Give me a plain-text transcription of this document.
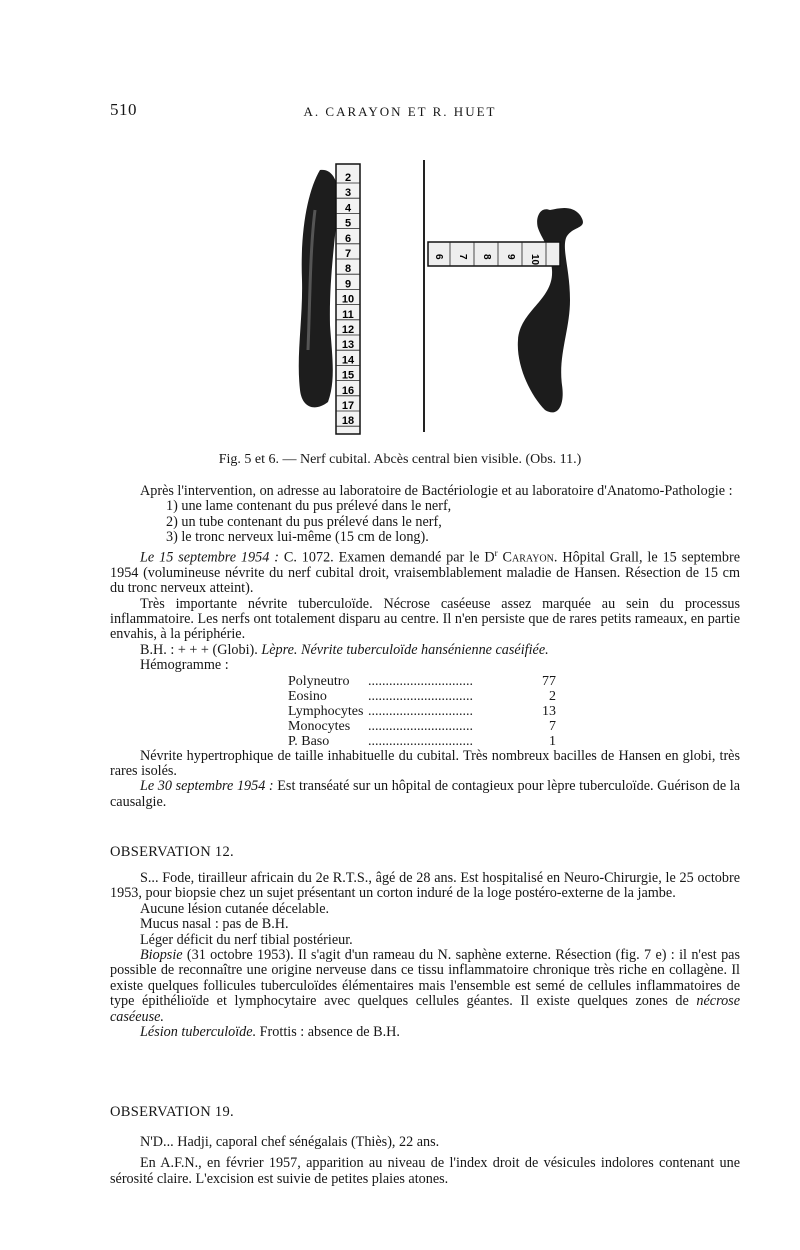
510	A. CARAYON ET R. HUET
2
3
4
5
6
7
8
9
10
11
12
13
14
15
16
17
18
6 7 8 9 10
Fig. 5 et 6. — Nerf cubital. Abcès central bien visible. (Obs. 11.)

Après l'intervention, on adresse au laboratoire de Bactériologie et au laboratoire d'Anatomo-Pathologie :

1) une lame contenant du pus prélevé dans le nerf,
2) un tube contenant du pus prélevé dans le nerf,
3) le tronc nerveux lui-même (15 cm de long).

Le 15 septembre 1954 : C. 1072. Examen demandé par le $D^r$ Carayon. Hôpital Grall, le 15 septembre 1954 (volumineuse névrite du nerf cubital droit, vraisemblablement maladie de Hansen. Résection de 15 cm du tronc nerveux atteint).

Très importante névrite tuberculoïde. Nécrose caséeuse assez marquée au sein du processus inflammatoire. Les nerfs ont totalement disparu au centre. Il n'en persiste que de rares petits rameaux, en partie envahis, à la périphérie.

B.H. : + + + (Globi). Lèpre. Névrite tuberculoïde hansénienne caséifiée.

Hémogramme :

Polyneutro	..............................	77
Eosino	..............................	2
Lymphocytes	..............................	13
Monocytes	..............................	7
P. Baso	..............................	1

Névrite hypertrophique de taille inhabituelle du cubital. Très nombreux bacilles de Hansen en globi, très rares isolés.

Le 30 septembre 1954 : Est transéaté sur un hôpital de contagieux pour lèpre tuberculoïde. Guérison de la causalgie.

OBSERVATION 12.

S... Fode, tirailleur africain du 2e R.T.S., âgé de 28 ans. Est hospitalisé en Neuro-Chirurgie, le 25 octobre 1953, pour biopsie chez un sujet présentant un corton induré de la loge postéro-externe de la jambe.

Aucune lésion cutanée décelable.
Mucus nasal : pas de B.H.
Léger déficit du nerf tibial postérieur.

Biopsie (31 octobre 1953). Il s'agit d'un rameau du N. saphène externe. Résection (fig. 7 e) : il n'est pas possible de reconnaître une origine nerveuse dans ce tissu inflammatoire chronique très riche en collagène. Il existe quelques follicules tuberculoïdes élémentaires mais l'ensemble est semé de cellules inflammatoires de type épithélioïde et lymphocytaire avec quelques cellules géantes. Il existe quelques zones de nécrose caséeuse.

Lésion tuberculoïde. Frottis : absence de B.H.

OBSERVATION 19.

N'D... Hadji, caporal chef sénégalais (Thiès), 22 ans.

En A.F.N., en février 1957, apparition au niveau de l'index droit de vésicules indolores contenant une sérosité claire. L'excision est suivie de petites plaies atones.
